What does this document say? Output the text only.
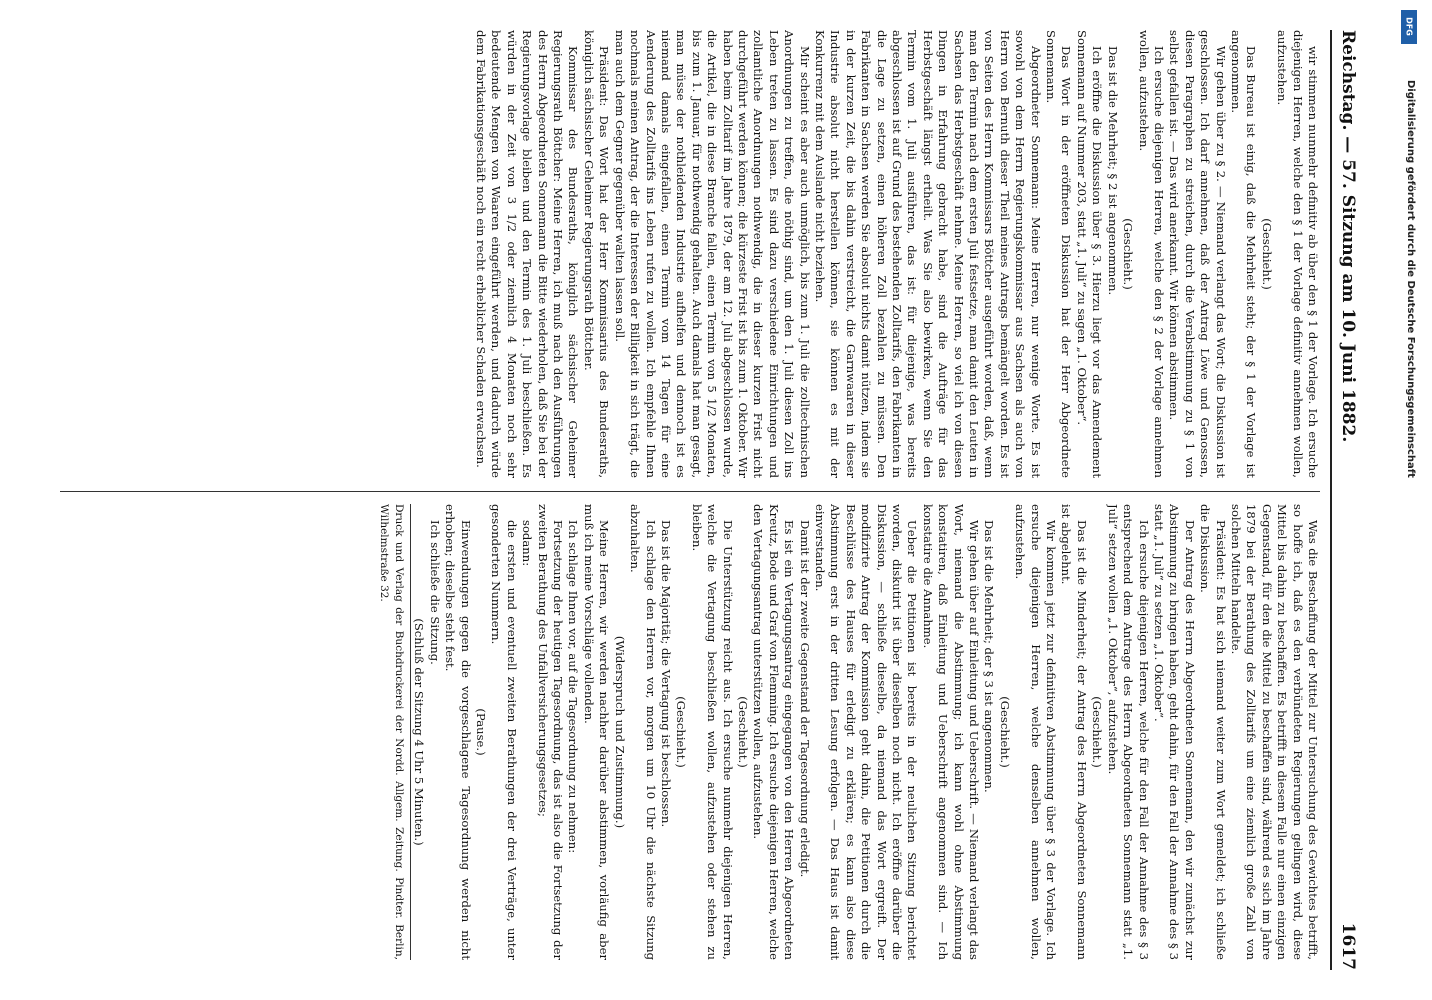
Reichstag. — 57. Sitzung am 10. Juni 1882.
1617

wir stimmen nunmehr definitiv ab über den § 1 der Vorlage. Ich ersuche diejenigen Herren, welche den § 1 der Vorlage definitiv annehmen wollen, aufzustehen.

(Geschieht.)

Das Bureau ist einig, daß die Mehrheit steht; der § 1 der Vorlage ist angenommen.

Wir gehen über zu § 2. — Niemand verlangt das Wort; die Diskussion ist geschlossen. Ich darf annehmen, daß der Antrag Löwe und Genossen, diesen Paragraphen zu streichen, durch die Verabstimmung zu § 1 von selbst gefallen ist. — Das wird anerkannt. Wir können abstimmen.

Ich ersuche diejenigen Herren, welche den § 2 der Vorlage annehmen wollen, aufzustehen.

(Geschieht.)

Das ist die Mehrheit; § 2 ist angenommen.

Ich eröffne die Diskussion über § 3. Hierzu liegt vor das Amendement Sonnemann auf Nummer 203, statt „1. Juli“ zu sagen „1. Oktober“.

Das Wort in der eröffneten Diskussion hat der Herr Abgeordnete Sonnemann.

Abgeordneter Sonnemann: Meine Herren, nur wenige Worte. Es ist sowohl von dem Herrn Regierungskommissar aus Sachsen als auch von Herrn von Bernuth dieser Theil meines Antrags bemängelt worden. Es ist von Seiten des Herrn Kommissars Böttcher ausgeführt worden, daß, wenn man den Termin nach dem ersten Juli festsetze, man damit den Leuten in Sachsen das Herbstgeschäft nehme. Meine Herren, so viel ich von diesen Dingen in Erfahrung gebracht habe, sind die Aufträge für das Herbstgeschäft längst ertheilt. Was Sie also bewirken, wenn Sie den Termin vom 1. Juli ausführen, das ist: für diejenige, was bereits abgeschlossen ist auf Grund des bestehenden Zolltarifs, den Fabrikanten in die Lage zu setzen, einen höheren Zoll bezahlen zu müssen. Den Fabrikanten in Sachsen werden Sie absolut nichts damit nützen, indem sie in der kurzen Zeit, die bis dahin verstreicht, die Garnwaaren in dieser Industrie absolut nicht herstellen können, sie können es mit der Konkurrenz mit dem Auslande nicht beziehen.

Mir scheint es aber auch unmöglich, bis zum 1. Juli die zolltechnischen Anordnungen zu treffen, die nöthig sind, um den 1. Juli diesen Zoll ins Leben treten zu lassen. Es sind dazu verschiedene Einrichtungen und zollamtliche Anordnungen nothwendig, die in dieser kurzen Frist nicht durchgeführt werden können; die kürzeste Frist ist bis zum 1. Oktober. Wir haben beim Zolltarif im Jahre 1879, der am 12. Juli abgeschlossen wurde, die Artikel, die in diese Branche fallen, einen Termin von 5 1/2 Monaten, bis zum 1. Januar, für nothwendig gehalten. Auch damals hat man gesagt, man müsse der nothleidenden Industrie aufhelfen und dennoch ist es niemand damals eingefallen, einen Termin vom 14 Tagen für eine Aenderung des Zolltarifs ins Leben rufen zu wollen. Ich empfehle Ihnen nochmals meinen Antrag, der die Interessen der Billigkeit in sich trägt, die man auch dem Gegner gegenüber walten lassen soll.

Präsident: Das Wort hat der Herr Kommissarius des Bundesraths, königlich sächsischer Geheimer Regierungsrath Böttcher.

Kommissar des Bundesraths, königlich sächsischer Geheimer Regierungsrath Böttcher: Meine Herren, ich muß nach den Ausführungen des Herrn Abgeordneten Sonnemann die Bitte wiederholen, daß Sie bei der Regierungsvorlage bleiben und den Termin des 1. Juli beschließen. Es würden in der Zeit von 3 1/2 oder ziemlich 4 Monaten noch sehr bedeutende Mengen von Waaren eingeführt werden, und dadurch würde dem Fabrikationsgeschäft noch ein recht erheblicher Schaden erwachsen.

Was die Beschaffung der Mittel zur Untersuchung des Gewichtes betrifft, so hoffe ich, daß es den verbündeten Regierungen gelingen wird, diese Mittel bis dahin zu beschaffen. Es betrifft in diesem Falle nur einen einzigen Gegenstand, für den die Mittel zu beschaffen sind, während es sich im Jahre 1879 bei der Berathung des Zolltarifs um eine ziemlich große Zahl von solchen Mitteln handelte.

Präsident: Es hat sich niemand weiter zum Wort gemeldet; ich schließe die Diskussion.

Der Antrag des Herrn Abgeordneten Sonnemann, den wir zunächst zur Abstimmung zu bringen haben, geht dahin, für den Fall der Annahme des § 3 statt „1. Juli“ zu setzen „1. Oktober“.

Ich ersuche diejenigen Herren, welche für den Fall der Annahme des § 3 entsprechend dem Antrage des Herrn Abgeordneten Sonnemann statt „1. Juli“ setzen wollen „1. Oktober“, aufzustehen.

(Geschieht.)

Das ist die Minderheit; der Antrag des Herrn Abgeordneten Sonnemann ist abgelehnt.

Wir kommen jetzt zur definitiven Abstimmung über § 3 der Vorlage. Ich ersuche diejenigen Herren, welche denselben annehmen wollen, aufzustehen.

(Geschieht.)

Das ist die Mehrheit; der § 3 ist angenommen.

Wir gehen über auf Einleitung und Ueberschrift. — Niemand verlangt das Wort, niemand die Abstimmung; ich kann wohl ohne Abstimmung konstatiren, daß Einleitung und Ueberschrift angenommen sind. — Ich konstatire die Annahme.

Ueber die Petitionen ist bereits in der neulichen Sitzung berichtet worden, diskutirt ist über dieselben noch nicht. Ich eröffne darüber die Diskussion, — schließe dieselbe, da niemand das Wort ergreift. Der modifizirte Antrag der Kommission geht dahin, die Petitionen durch die Beschlüsse des Hauses für erledigt zu erklären; es kann also diese Abstimmung erst in der dritten Lesung erfolgen. — Das Haus ist damit einverstanden.

Damit ist der zweite Gegenstand der Tagesordnung erledigt.

Es ist ein Vertagungsantrag eingegangen von den Herren Abgeordneten Kreutz, Bode und Graf von Flemming. Ich ersuche diejenigen Herren, welche den Vertagungsantrag unterstützen wollen, aufzustehen.

(Geschieht.)

Die Unterstützung reicht aus. Ich ersuche nunmehr diejenigen Herren, welche die Vertagung beschließen wollen, aufzustehen oder stehen zu bleiben.

(Geschieht.)

Das ist die Majorität; die Vertagung ist beschlossen.

Ich schlage den Herren vor, morgen um 10 Uhr die nächste Sitzung abzuhalten.

(Widerspruch und Zustimmung.)

Meine Herren, wir werden nachher darüber abstimmen, vorläufig aber muß ich meine Vorschläge vollenden.

Ich schlage Ihnen vor, auf die Tagesordnung zu nehmen:

Fortsetzung der heutigen Tagesordnung, das ist also die Fortsetzung der zweiten Berathung des Unfallversicherungsgesetzes;

sodann:

die ersten und eventuell zweiten Berathungen der drei Verträge, unter gesonderten Nummern.

(Pause.)

Einwendungen gegen die vorgeschlagene Tagesordnung werden nicht erhoben; dieselbe steht fest.

Ich schließe die Sitzung.

(Schluß der Sitzung 4 Uhr 5 Minuten.)

Druck und Verlag der Buchdruckerei der Nordd. Allgem. Zeitung. Pindter. Berlin, Wilhelmstraße 32.

DFG
Digitalisierung gefördert durch die Deutsche Forschungsgemeinschaft
